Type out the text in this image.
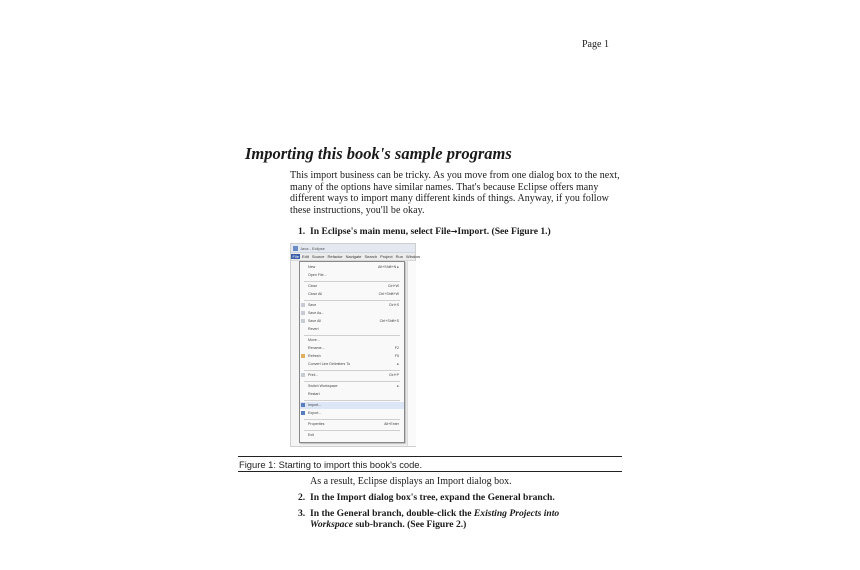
Page 1
Importing this book's sample programs

This import business can be tricky. As you move from one dialog box to the next, many of the options have similar names. That's because Eclipse offers many different ways to import many different kinds of things. Anyway, if you follow these instructions, you'll be okay.

1. In Eclipse's main menu, select File→Import. (See Figure 1.)

Java - Eclipse
File Edit Source Refactor Navigate Search Project Run Window
New	Alt+Shift+N ▸
Open File...
Close	Ctrl+W
Close All	Ctrl+Shift+W
Save	Ctrl+S
Save As...
Save All	Ctrl+Shift+S
Revert
Move...
Rename...	F2
Refresh	F5
Convert Line Delimiters To	▸
Print...	Ctrl+P
Switch Workspace	▸
Restart
Import...
Export...
Properties	Alt+Enter
Exit
Figure 1: Starting to import this book's code.

As a result, Eclipse displays an Import dialog box.

2. In the Import dialog box's tree, expand the General branch.

3. In the General branch, double-click the Existing Projects into
Workspace sub-branch. (See Figure 2.)
